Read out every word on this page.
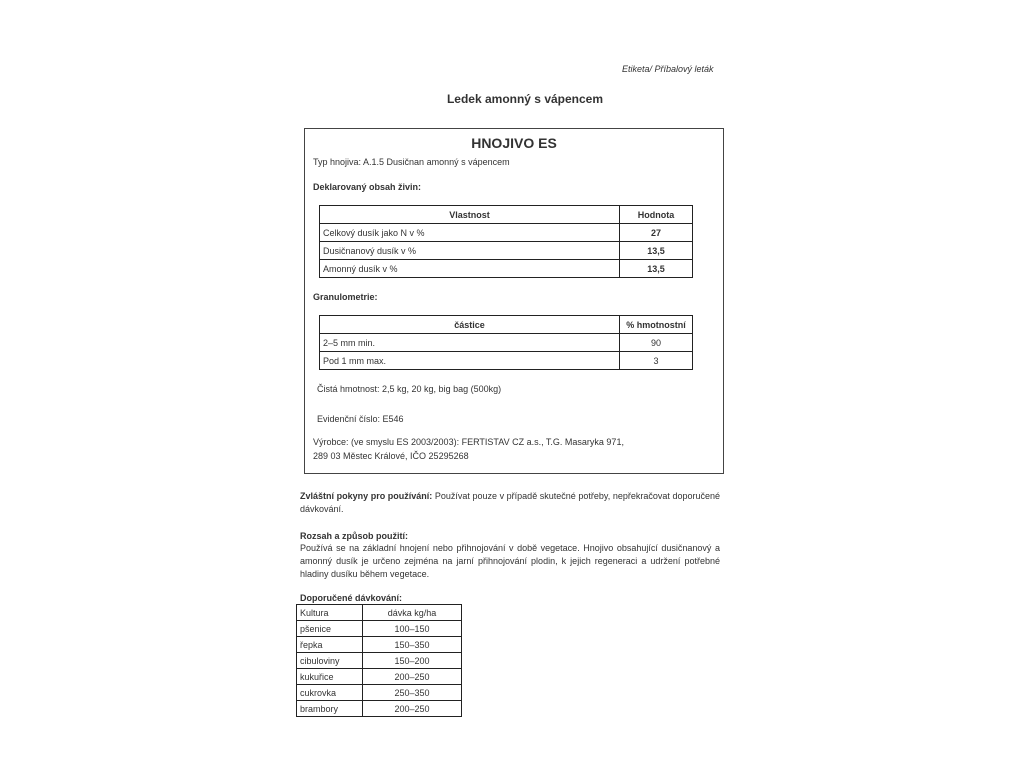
Etiketa/ Příbalový leták
Ledek amonný s vápencem
HNOJIVO ES
Typ hnojiva: A.1.5 Dusičnan amonný s vápencem
Deklarovaný obsah živin:
Vlastnost	Hodnota
Celkový dusík jako N v %	27
Dusičnanový dusík v %	13,5
Amonný dusík v %	13,5
Granulometrie:
částice	% hmotnostní
2–5 mm min.	90
Pod 1 mm max.	3
Čistá hmotnost: 2,5 kg, 20 kg, big bag (500kg)
Evidenční číslo: E546
Výrobce: (ve smyslu ES 2003/2003): FERTISTAV CZ a.s., T.G. Masaryka 971,
289 03 Městec Králové, IČO 25295268
Zvláštní pokyny pro používání: Používat pouze v případě skutečné potřeby, nepřekračovat doporučené dávkování.
Rozsah a způsob použití:
Používá se na základní hnojení nebo přihnojování v době vegetace. Hnojivo obsahující dusičnanový a amonný dusík je určeno zejména na jarní přihnojování plodin, k jejich regeneraci a udržení potřebné hladiny dusíku během vegetace.
Doporučené dávkování:
Kultura	dávka kg/ha
pšenice	100–150
řepka	150–350
cibuloviny	150–200
kukuřice	200–250
cukrovka	250–350
brambory	200–250
